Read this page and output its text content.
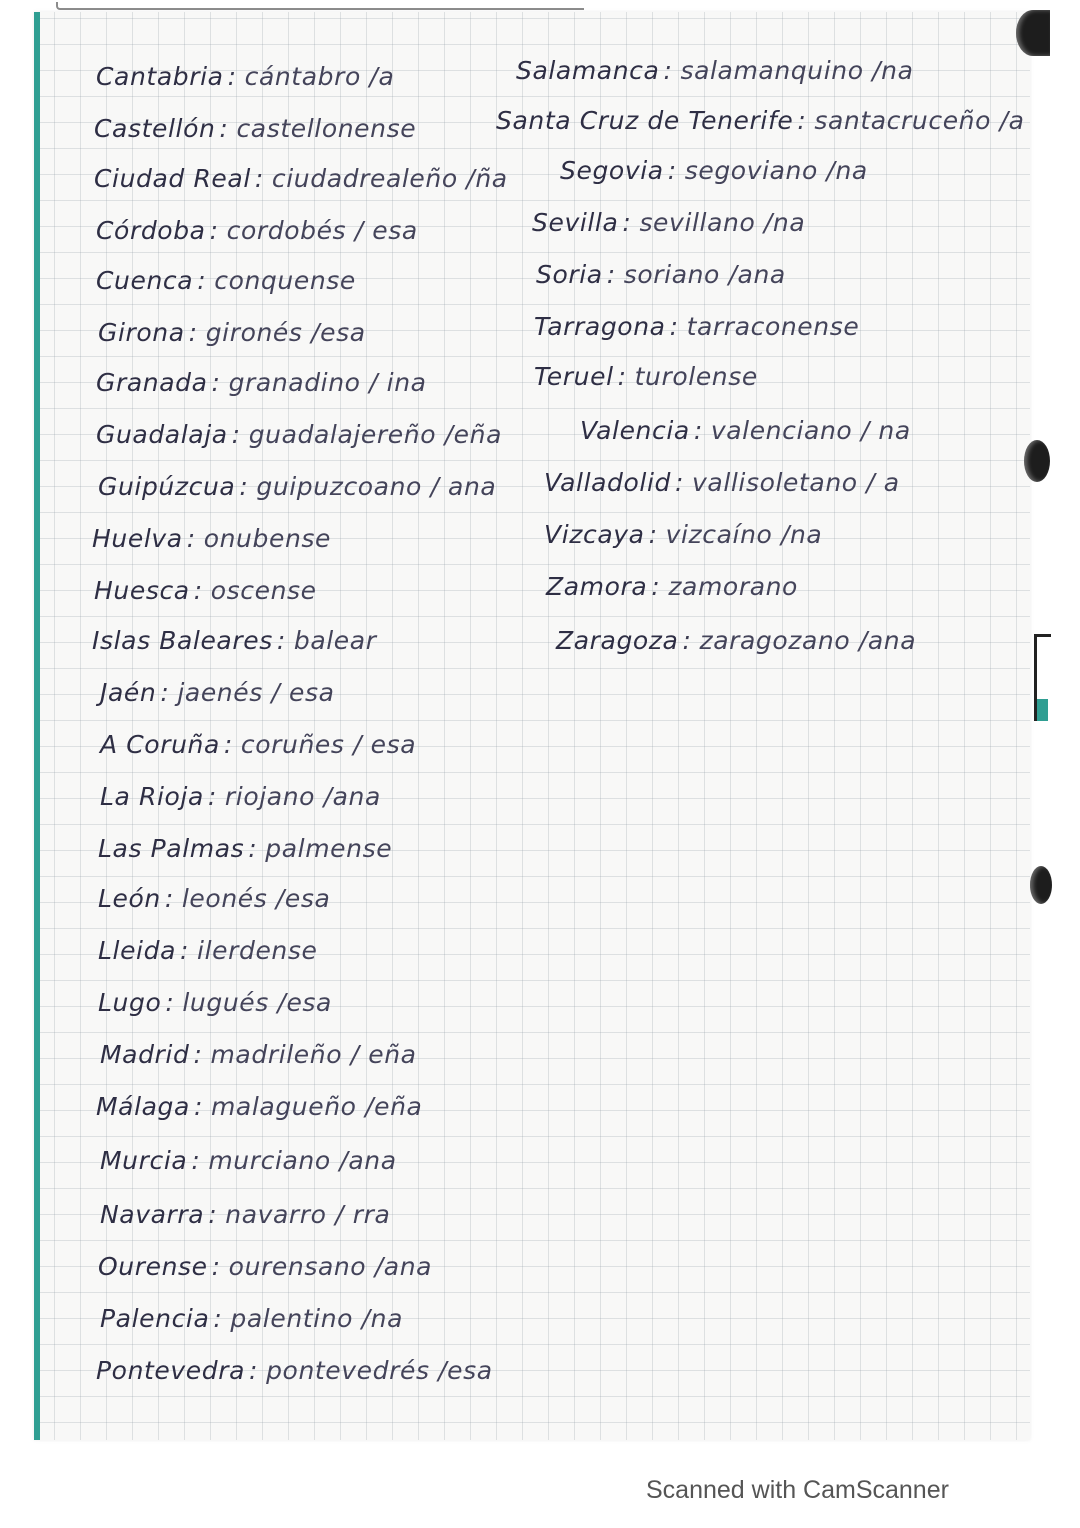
Cantabria : cántabro /a
Castellón : castellonense
Ciudad Real : ciudadrealeño /ña
Córdoba : cordobés / esa
Cuenca : conquense
Girona : gironés /esa
Granada : granadino / ina
Guadalaja : guadalajereño /eña
Guipúzcua : guipuzcoano / ana
Huelva : onubense
Huesca : oscense
Islas Baleares : balear
Jaén : jaenés / esa
A Coruña : coruñes / esa
La Rioja : riojano /ana
Las Palmas : palmense
León : leonés /esa
Lleida : ilerdense
Lugo : lugués /esa
Madrid : madrileño / eña
Málaga : malagueño /eña
Murcia : murciano /ana
Navarra : navarro / rra
Ourense : ourensano /ana
Palencia : palentino /na
Pontevedra : pontevedrés /esa
Salamanca : salamanquino /na
Santa Cruz de Tenerife : santacruceño /a
Segovia : segoviano /na
Sevilla : sevillano /na
Soria : soriano /ana
Tarragona : tarraconense
Teruel : turolense
Valencia : valenciano / na
Valladolid : vallisoletano / a
Vizcaya : vizcaíno /na
Zamora : zamorano
Zaragoza : zaragozano /ana
Scanned with CamScanner
